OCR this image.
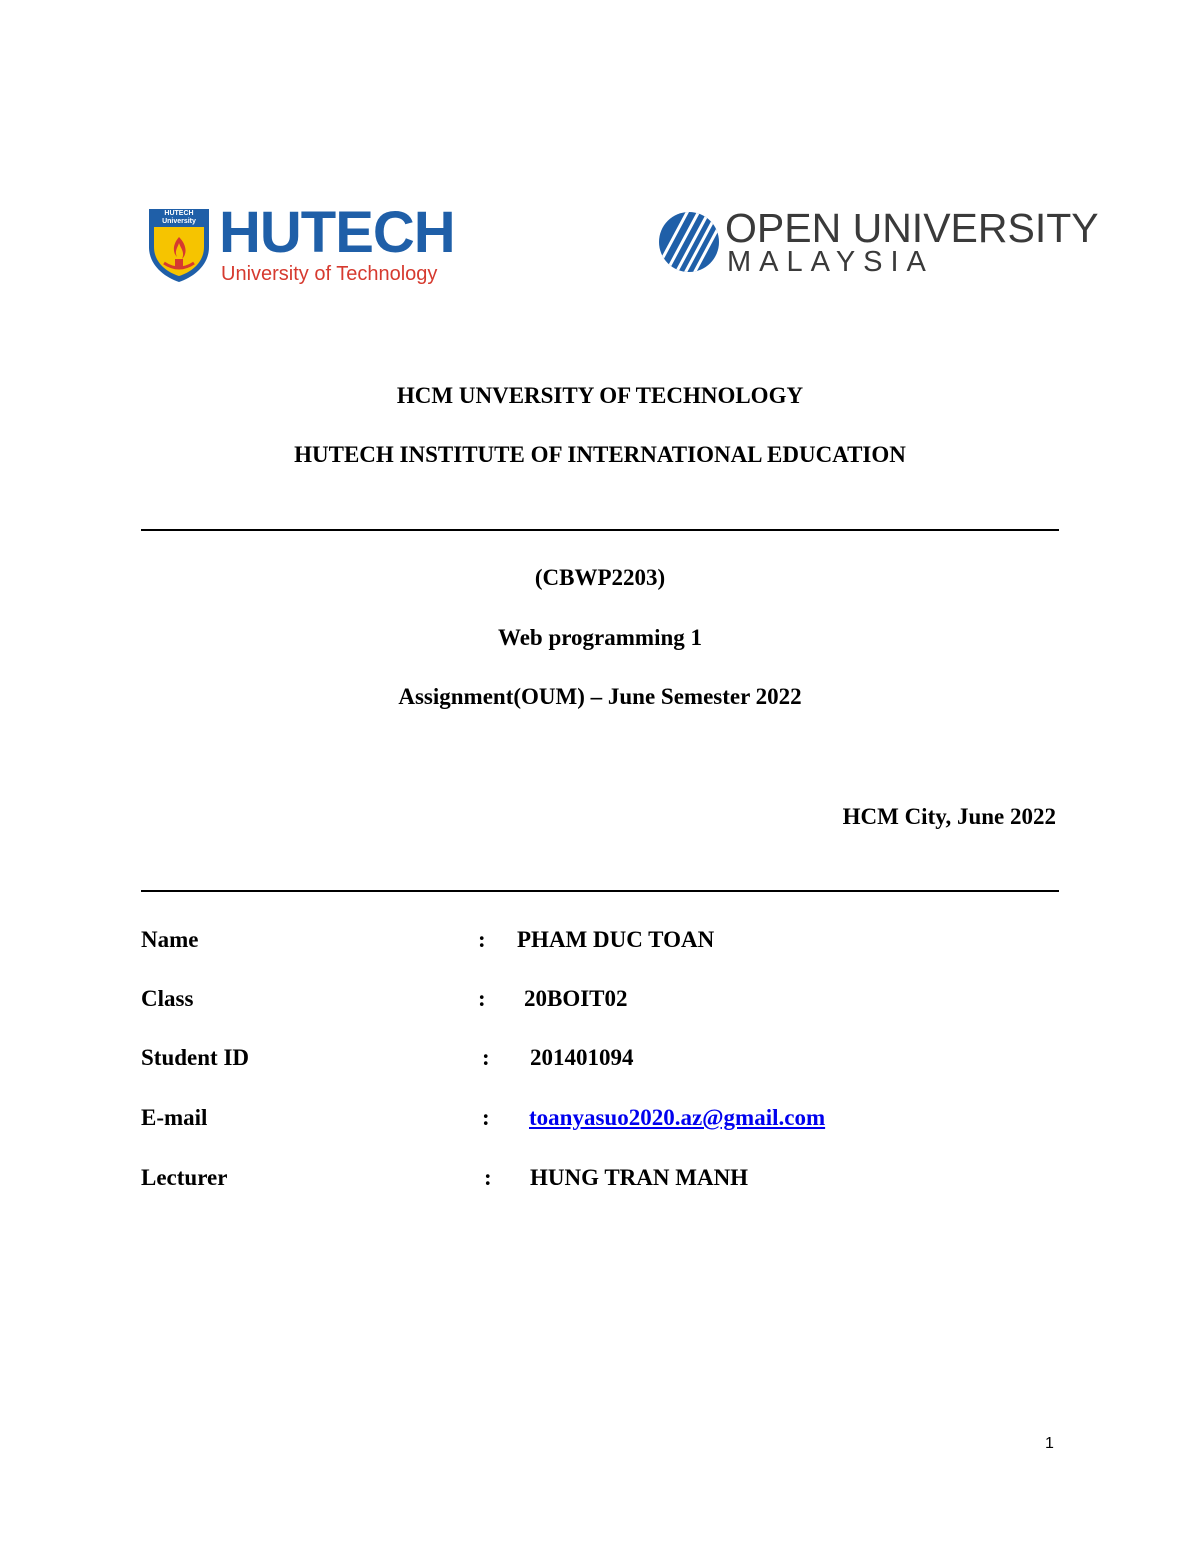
HUTECH University HUTECH
University of Technology
OPEN UNIVERSITY
MALAYSIA
HCM UNVERSITY OF TECHNOLOGY
HUTECH INSTITUTE OF INTERNATIONAL EDUCATION
(CBWP2203)
Web programming 1
Assignment(OUM) – June Semester 2022
HCM City, June 2022
Name	: PHAM DUC TOAN
Class	: 20BOIT02
Student ID	: 201401094
E-mail	: toanyasuo2020.az@gmail.com
Lecturer	: HUNG TRAN MANH
1
